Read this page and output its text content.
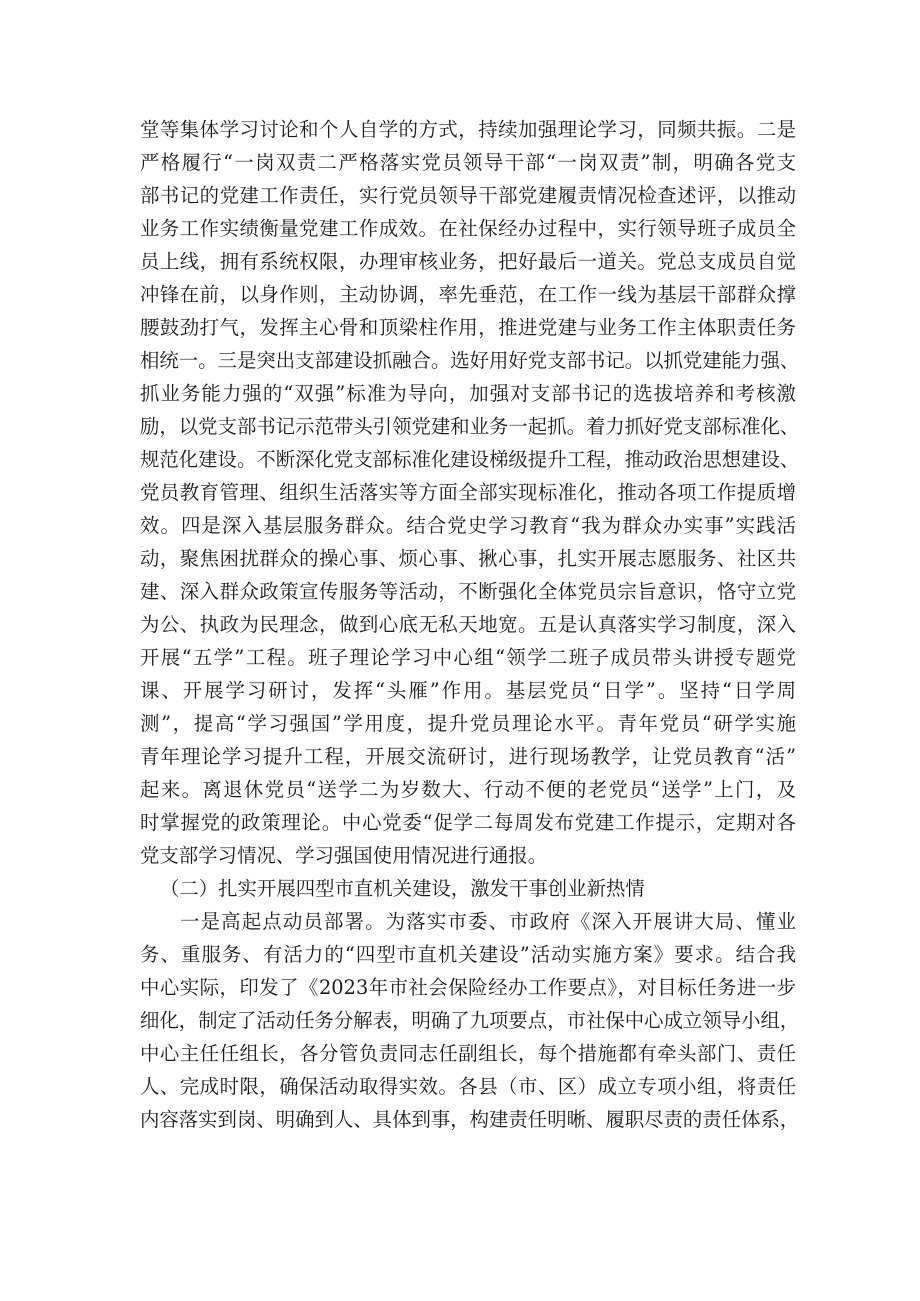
堂等集体学习讨论和个人自学的方式，持续加强理论学习，同频共振。二是
严格履行“一岗双责二严格落实党员领导干部“一岗双责”制，明确各党支
部书记的党建工作责任，实行党员领导干部党建履责情况检查述评，以推动
业务工作实绩衡量党建工作成效。在社保经办过程中，实行领导班子成员全
员上线，拥有系统权限，办理审核业务，把好最后一道关。党总支成员自觉
冲锋在前，以身作则，主动协调，率先垂范，在工作一线为基层干部群众撑
腰鼓劲打气，发挥主心骨和顶梁柱作用，推进党建与业务工作主体职责任务
相统一。三是突出支部建设抓融合。选好用好党支部书记。以抓党建能力强、
抓业务能力强的“双强”标准为导向，加强对支部书记的选拔培养和考核激
励，以党支部书记示范带头引领党建和业务一起抓。着力抓好党支部标准化、
规范化建设。不断深化党支部标准化建设梯级提升工程，推动政治思想建设、
党员教育管理、组织生活落实等方面全部实现标准化，推动各项工作提质增
效。四是深入基层服务群众。结合党史学习教育“我为群众办实事”实践活
动，聚焦困扰群众的操心事、烦心事、揪心事，扎实开展志愿服务、社区共
建、深入群众政策宣传服务等活动，不断强化全体党员宗旨意识，恪守立党
为公、执政为民理念，做到心底无私天地宽。五是认真落实学习制度，深入
开展“五学”工程。班子理论学习中心组“领学二班子成员带头讲授专题党
课、开展学习研讨，发挥“头雁”作用。基层党员“日学”。坚持“日学周
测”，提高“学习强国”学用度，提升党员理论水平。青年党员“研学实施
青年理论学习提升工程，开展交流研讨，进行现场教学，让党员教育“活”
起来。离退休党员“送学二为岁数大、行动不便的老党员“送学”上门，及
时掌握党的政策理论。中心党委“促学二每周发布党建工作提示，定期对各
党支部学习情况、学习强国使用情况进行通报。
（二）扎实开展四型市直机关建设，激发干事创业新热情
一是高起点动员部署。为落实市委、市政府《深入开展讲大局、懂业
务、重服务、有活力的“四型市直机关建设”活动实施方案》要求。结合我
中心实际，印发了《2023年市社会保险经办工作要点》，对目标任务进一步
细化，制定了活动任务分解表，明确了九项要点，市社保中心成立领导小组，
中心主任任组长，各分管负责同志任副组长，每个措施都有牵头部门、责任
人、完成时限，确保活动取得实效。各县（市、区）成立专项小组，将责任
内容落实到岗、明确到人、具体到事，构建责任明晰、履职尽责的责任体系，
